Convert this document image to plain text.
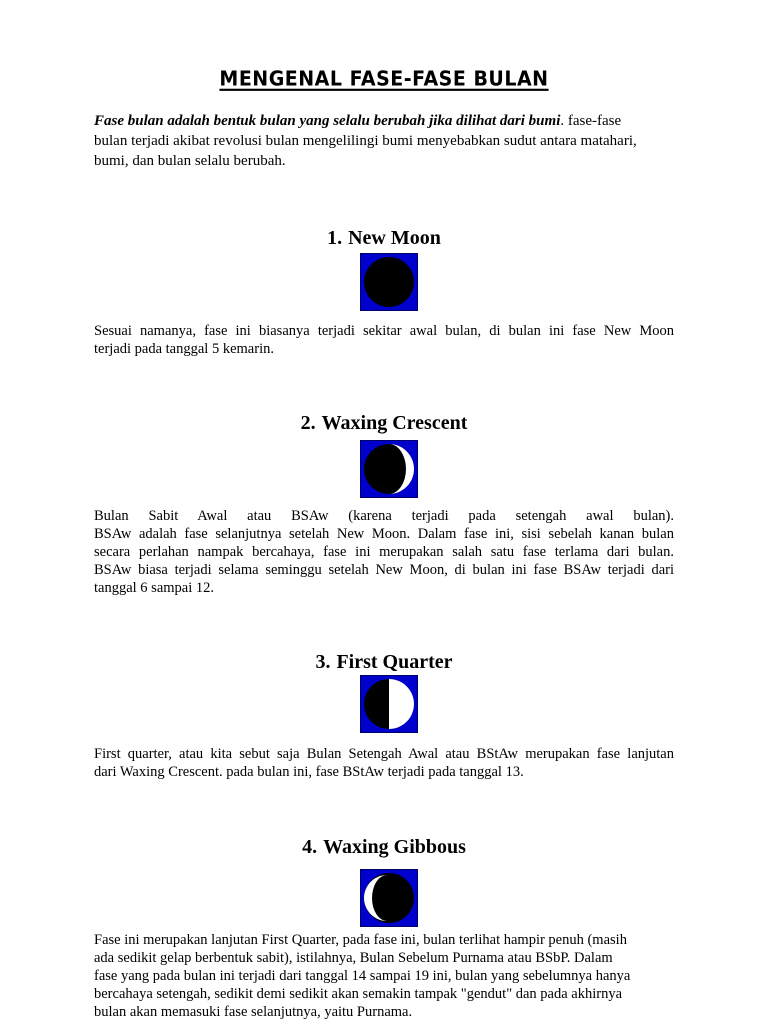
MENGENAL FASE-FASE BULAN
Fase bulan adalah bentuk bulan yang selalu berubah jika dilihat dari bumi. fase-fase
bulan terjadi akibat revolusi bulan mengelilingi bumi menyebabkan sudut antara matahari,
bumi, dan bulan selalu berubah.
1. New Moon
Sesuai namanya, fase ini biasanya terjadi sekitar awal bulan, di bulan ini fase New Moon
terjadi pada tanggal 5 kemarin.
2. Waxing Crescent
Bulan Sabit Awal atau BSAw (karena terjadi pada setengah awal bulan).
BSAw adalah fase selanjutnya setelah New Moon. Dalam fase ini, sisi sebelah kanan bulan
secara perlahan nampak bercahaya, fase ini merupakan salah satu fase terlama dari bulan.
BSAw biasa terjadi selama seminggu setelah New Moon, di bulan ini fase BSAw terjadi dari
tanggal 6 sampai 12.
3. First Quarter
First quarter, atau kita sebut saja Bulan Setengah Awal atau BStAw merupakan fase lanjutan
dari Waxing Crescent. pada bulan ini, fase BStAw terjadi pada tanggal 13.
4. Waxing Gibbous
Fase ini merupakan lanjutan First Quarter, pada fase ini, bulan terlihat hampir penuh (masih
ada sedikit gelap berbentuk sabit), istilahnya, Bulan Sebelum Purnama atau BSbP. Dalam
fase yang pada bulan ini terjadi dari tanggal 14 sampai 19 ini, bulan yang sebelumnya hanya
bercahaya setengah, sedikit demi sedikit akan semakin tampak "gendut" dan pada akhirnya
bulan akan memasuki fase selanjutnya, yaitu Purnama.
